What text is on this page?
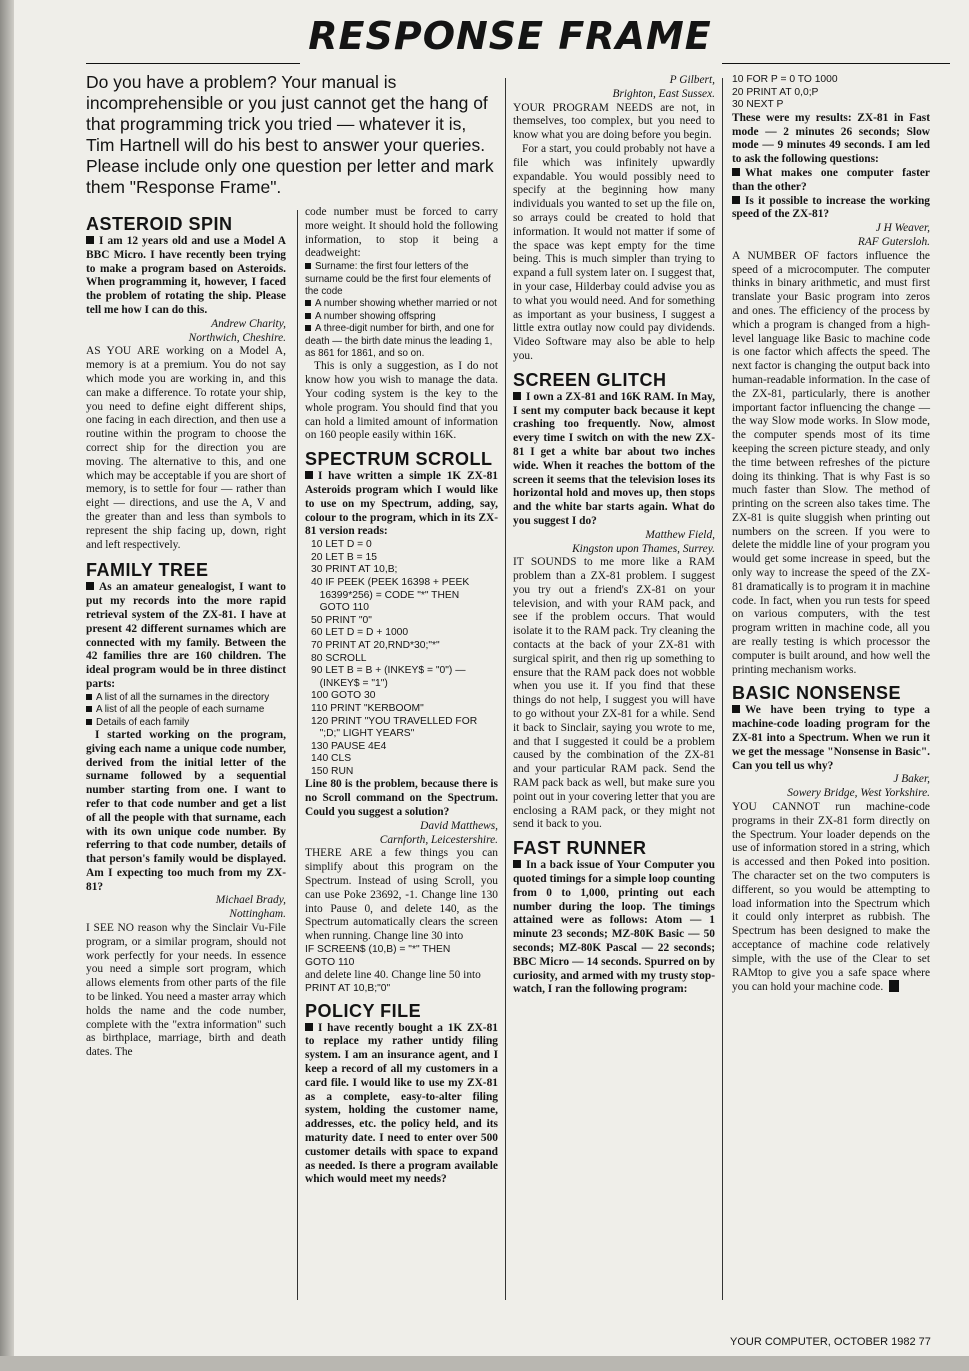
RESPONSE FRAME
Do you have a problem? Your manual is incomprehensible or you just cannot get the hang of that programming trick you tried — whatever it is, Tim Hartnell will do his best to answer your queries. Please include only one question per letter and mark them "Response Frame".
ASTEROID SPIN

I am 12 years old and use a Model A BBC Micro. I have recently been trying to make a program based on Asteroids. When programming it, however, I faced the problem of rotating the ship. Please tell me how I can do this.

Andrew Charity,

Northwich, Cheshire.

AS YOU ARE working on a Model A, memory is at a premium. You do not say which mode you are working in, and this can make a difference. To rotate your ship, you need to define eight different ships, one facing in each direction, and then use a routine within the program to choose the correct ship for the direction you are moving. The alternative to this, and one which may be acceptable if you are short of memory, is to settle for four — rather than eight — directions, and use the A, V and the greater than and less than symbols to represent the ship facing up, down, right and left respectively.

FAMILY TREE

As an amateur genealogist, I want to put my records into the more rapid retrieval system of the ZX-81. I have at present 42 different surnames which are connected with my family. Between the 42 families thre are 160 children. The ideal program would be in three distinct parts:

A list of all the surnames in the directory

A list of all the people of each surname

Details of each family

I started working on the program, giving each name a unique code number, derived from the initial letter of the surname followed by a sequential number starting from one. I want to refer to that code number and get a list of all the people with that surname, each with its own unique code number. By referring to that code number, details of that person's family would be displayed. Am I expecting too much from my ZX-81?

Michael Brady,

Nottingham.

I SEE NO reason why the Sinclair Vu-File program, or a similar program, should not work perfectly for your needs. In essence you need a simple sort program, which allows elements from other parts of the file to be linked. You need a master array which holds the name and the code number, complete with the "extra information" such as birthplace, marriage, birth and death dates. The

code number must be forced to carry more weight. It should hold the following information, to stop it being a deadweight:

Surname: the first four letters of the surname could be the first four elements of the code

A number showing whether married or not

A number showing offspring

A three-digit number for birth, and one for death — the birth date minus the leading 1, as 861 for 1861, and so on.

This is only a suggestion, as I do not know how you wish to manage the data. Your coding system is the key to the whole program. You should find that you can hold a limited amount of information on 160 people easily within 16K.

SPECTRUM SCROLL

I have written a simple 1K ZX-81 Asteroids program which I would like to use on my Spectrum, adding, say, colour to the program, which in its ZX-81 version reads:

10 LET D = 0
20 LET B = 15
30 PRINT AT 10,B;
40 IF PEEK (PEEK 16398 + PEEK
16399*256) = CODE "*" THEN
GOTO 110
50 PRINT "0"
60 LET D = D + 1000
70 PRINT AT 20,RND*30;"*"
80 SCROLL
90 LET B = B + (INKEY$ = "0") —
(INKEY$ = "1")
100 GOTO 30
110 PRINT "KERBOOM"
120 PRINT "YOU TRAVELLED FOR
";D;" LIGHT YEARS"
130 PAUSE 4E4
140 CLS
150 RUN

Line 80 is the problem, because there is no Scroll command on the Spectrum. Could you suggest a solution?

David Matthews,

Carnforth, Leicestershire.

THERE ARE a few things you can simplify about this program on the Spectrum. Instead of using Scroll, you can use Poke 23692, -1. Change line 130 into Pause 0, and delete 140, as the Spectrum automatically clears the screen when running. Change line 30 into

IF SCREEN$ (10,B) = "*" THEN
GOTO 110

and delete line 40. Change line 50 into

PRINT AT 10,B;"0"

POLICY FILE

I have recently bought a 1K ZX-81 to replace my rather untidy filing system. I am an insurance agent, and I keep a record of all my customers in a card file. I would like to use my ZX-81 as a complete, easy-to-alter filing system, holding the customer name, addresses, etc. the policy held, and its maturity date. I need to enter over 500 customer details with space to expand as needed. Is there a program available which would meet my needs?

P Gilbert,

Brighton, East Sussex.

YOUR PROGRAM NEEDS are not, in themselves, too complex, but you need to know what you are doing before you begin.

For a start, you could probably not have a file which was infinitely upwardly expandable. You would possibly need to specify at the beginning how many individuals you wanted to set up the file on, so arrays could be created to hold that information. It would not matter if some of the space was kept empty for the time being. This is much simpler than trying to expand a full system later on. I suggest that, in your case, Hilderbay could advise you as to what you would need. And for something as important as your business, I suggest a little extra outlay now could pay dividends. Video Software may also be able to help you.

SCREEN GLITCH

I own a ZX-81 and 16K RAM. In May, I sent my computer back because it kept crashing too frequently. Now, almost every time I switch on with the new ZX-81 I get a white bar about two inches wide. When it reaches the bottom of the screen it seems that the television loses its horizontal hold and moves up, then stops and the white bar starts again. What do you suggest I do?

Matthew Field,

Kingston upon Thames, Surrey.

IT SOUNDS to me more like a RAM problem than a ZX-81 problem. I suggest you try out a friend's ZX-81 on your television, and with your RAM pack, and see if the problem occurs. That would isolate it to the RAM pack. Try cleaning the contacts at the back of your ZX-81 with surgical spirit, and then rig up something to ensure that the RAM pack does not wobble when you use it. If you find that these things do not help, I suggest you will have to go without your ZX-81 for a while. Send it back to Sinclair, saying you wrote to me, and that I suggested it could be a problem caused by the combination of the ZX-81 and your particular RAM pack. Send the RAM pack back as well, but make sure you point out in your covering letter that you are enclosing a RAM pack, or they might not send it back to you.

FAST RUNNER

In a back issue of Your Computer you quoted timings for a simple loop counting from 0 to 1,000, printing out each number during the loop. The timings attained were as follows: Atom — 1 minute 23 seconds; MZ-80K Basic — 50 seconds; MZ-80K Pascal — 22 seconds; BBC Micro — 14 seconds. Spurred on by curiosity, and armed with my trusty stop-watch, I ran the following program:

10 FOR P = 0 TO 1000
20 PRINT AT 0,0;P
30 NEXT P

These were my results: ZX-81 in Fast mode — 2 minutes 26 seconds; Slow mode — 9 minutes 49 seconds. I am led to ask the following questions:

What makes one computer faster than the other?

Is it possible to increase the working speed of the ZX-81?

J H Weaver,

RAF Gutersloh.

A NUMBER OF factors influence the speed of a microcomputer. The computer thinks in binary arithmetic, and must first translate your Basic program into zeros and ones. The efficiency of the process by which a program is changed from a high-level language like Basic to machine code is one factor which affects the speed. The next factor is changing the output back into human-readable information. In the case of the ZX-81, particularly, there is another important factor influencing the change — the way Slow mode works. In Slow mode, the computer spends most of its time keeping the screen picture steady, and only the time between refreshes of the picture doing its thinking. That is why Fast is so much faster than Slow. The method of printing on the screen also takes time. The ZX-81 is quite sluggish when printing out numbers on the screen. If you were to delete the middle line of your program you would get some increase in speed, but the only way to increase the speed of the ZX-81 dramatically is to program it in machine code. In fact, when you run tests for speed on various computers, with the test program written in machine code, all you are really testing is which processor the computer is built around, and how well the printing mechanism works.

BASIC NONSENSE

We have been trying to type a machine-code loading program for the ZX-81 into a Spectrum. When we run it we get the message "Nonsense in Basic". Can you tell us why?

J Baker,

Sowery Bridge, West Yorkshire.

YOU CANNOT run machine-code programs in their ZX-81 form directly on the Spectrum. Your loader depends on the use of information stored in a string, which is accessed and then Poked into position. The character set on the two computers is different, so you would be attempting to load information into the Spectrum which it could only interpret as rubbish. The Spectrum has been designed to make the acceptance of machine code relatively simple, with the use of the Clear to set RAMtop to give you a safe space where you can hold your machine code.

YOUR COMPUTER, OCTOBER 1982 77
